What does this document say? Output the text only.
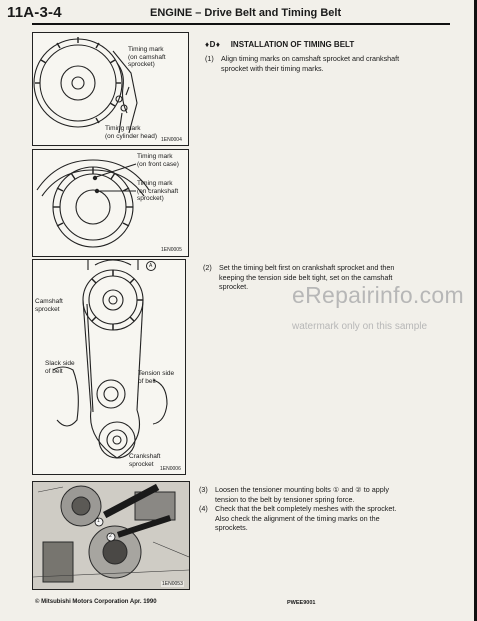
11A-3-4	ENGINE – Drive Belt and Timing Belt
Timing mark
(on camshaft
sprocket)
Timing mark
(on cylinder head)
1EN0004
Timing mark
(on front case)
Timing mark
(on crankshaft
sprocket)
1EN0005
A
Camshaft
sprocket
Slack side
of belt	Tension side
of belt
Crankshaft
sprocket
1EN0006
1
2
1EN0053
♦D♦ INSTALLATION OF TIMING BELT
(1) Align timing marks on camshaft sprocket and crankshaft
sprocket with their timing marks.
(2) Set the timing belt first on crankshaft sprocket and then
keeping the tension side belt tight, set on the camshaft
sprocket.
(3) Loosen the tensioner mounting bolts ① and ② to apply
tension to the belt by tensioner spring force.
(4) Check that the belt completely meshes with the sprocket.
Also check the alignment of the timing marks on the
sprockets.
eRepairinfo.com
watermark only on this sample
© Mitsubishi Motors Corporation Apr. 1990	PWEE9001
